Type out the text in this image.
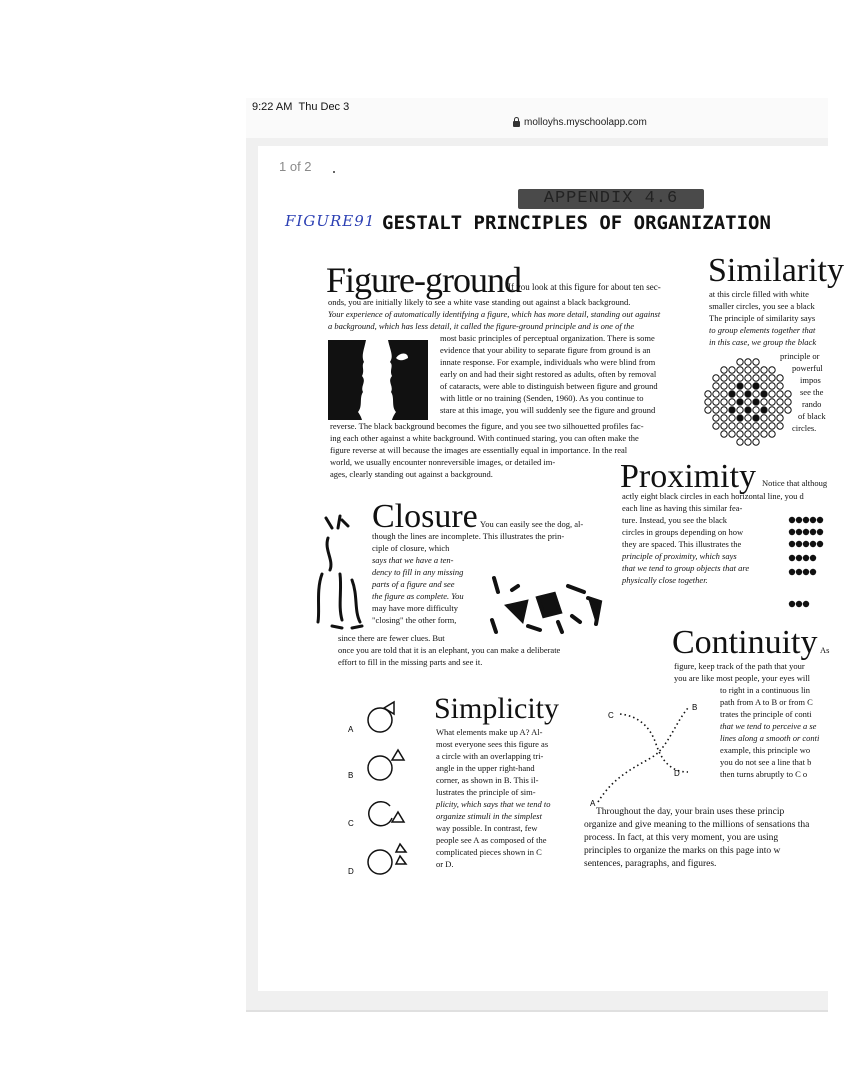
9:22 AM Thu Dec 3
molloyhs.myschoolapp.com
1 of 2
APPENDIX 4.6
FIGURE91 GESTALT PRINCIPLES OF ORGANIZATION
Figure-ground
If you look at this figure for about ten sec-
onds, you are initially likely to see a white vase standing out against a black background.
Your experience of automatically identifying a figure, which has more detail, standing out against
a background, which has less detail, it called the figure-ground principle and is one of the
most basic principles of perceptual organization. There is some
evidence that your ability to separate figure from ground is an
innate response. For example, individuals who were blind from
early on and had their sight restored as adults, often by removal
of cataracts, were able to distinguish between figure and ground
with little or no training (Senden, 1960). As you continue to
stare at this image, you will suddenly see the figure and ground
reverse. The black background becomes the figure, and you see two silhouetted profiles fac-
ing each other against a white background. With continued staring, you can often make the
figure reverse at will because the images are essentially equal in importance. In the real
world, we usually encounter nonreversible images, or detailed im-
ages, clearly standing out against a background.
Similarity
at this circle filled with white
smaller circles, you see a black
The principle of similarity says
to group elements together that
in this case, we group the black
principle or
powerful
impos
see the
rando
of black
circles.
Proximity Notice that althoug
actly eight black circles in each horizontal line, you d
each line as having this similar fea-
ture. Instead, you see the black
circles in groups depending on how
they are spaced. This illustrates the
principle of proximity, which says
that we tend to group objects that are
physically close together.
Closure You can easily see the dog, al-
though the lines are incomplete. This illustrates the prin-
ciple of closure, which
says that we have a ten-
dency to fill in any missing
parts of a figure and see
the figure as complete. You
may have more difficulty
"closing" the other form,
since there are fewer clues. But
once you are told that it is an elephant, you can make a deliberate
effort to fill in the missing parts and see it.
Continuity As
figure, keep track of the path that your
you are like most people, your eyes will
to right in a continuous lin
path from A to B or from C
trates the principle of conti
that we tend to perceive a se
lines along a smooth or conti
example, this principle wo
you do not see a line that b
then turns abruptly to C o
C
B
A
D
A
B
C
D
Simplicity
What elements make up A? Al-
most everyone sees this figure as
a circle with an overlapping tri-
angle in the upper right-hand
corner, as shown in B. This il-
lustrates the principle of sim-
plicity, which says that we tend to
organize stimuli in the simplest
way possible. In contrast, few
people see A as composed of the
complicated pieces shown in C
or D.
Throughout the day, your brain uses these princip
organize and give meaning to the millions of sensations tha
process. In fact, at this very moment, you are using
principles to organize the marks on this page into w
sentences, paragraphs, and figures.
